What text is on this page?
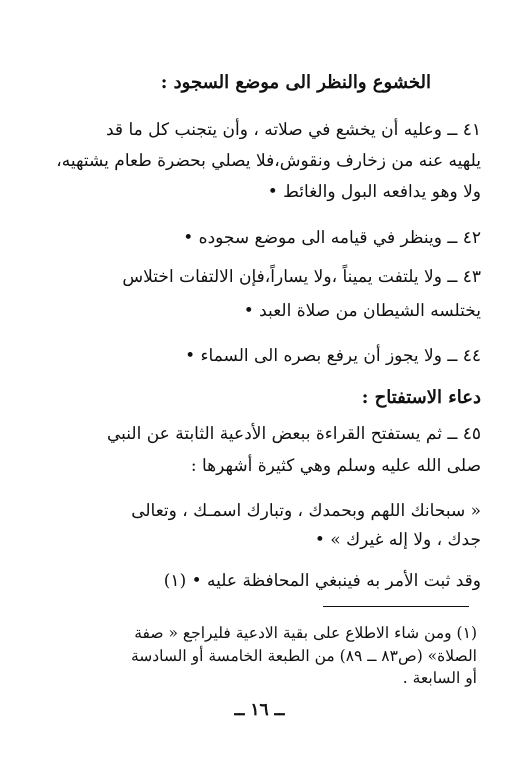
الخشوع والنظر الى موضع السجود :
٤١ ــ وعليه أن يخشع في صلاته ، وأن يتجنب كل ما قد
يلهيه عنه من زخارف ونقوش،فلا يصلي بحضرة طعام يشتهيه،
ولا وهو يدافعه البول والغائط •
٤٢ ــ وينظر في قيامه الى موضع سجوده •
٤٣ ــ ولا يلتفت يميناً ،ولا يساراً،فإن الالتفات اختلاس
يختلسه الشيطان من صلاة العبد •
٤٤ ــ ولا يجوز أن يرفع بصره الى السماء •
دعاء الاستفتاح :
٤٥ ــ ثم يستفتح القراءة ببعض الأدعية الثابتة عن النبي
صلى الله عليه وسلم وهي كثيرة أشهرها :
« سبحانك اللهم وبحمدك ، وتبارك اسمـك ، وتعالى
جدك ، ولا إله غيرك » •
وقد ثبت الأمر به فينبغي المحافظة عليه • (١)
(١) ومن شاء الاطلاع على بقية الادعية فليراجع « صفة
الصلاة» (ص٨٣ ــ ٨٩) من الطبعة الخامسة أو السادسة
أو السابعة .
ــ ١٦ ــ
